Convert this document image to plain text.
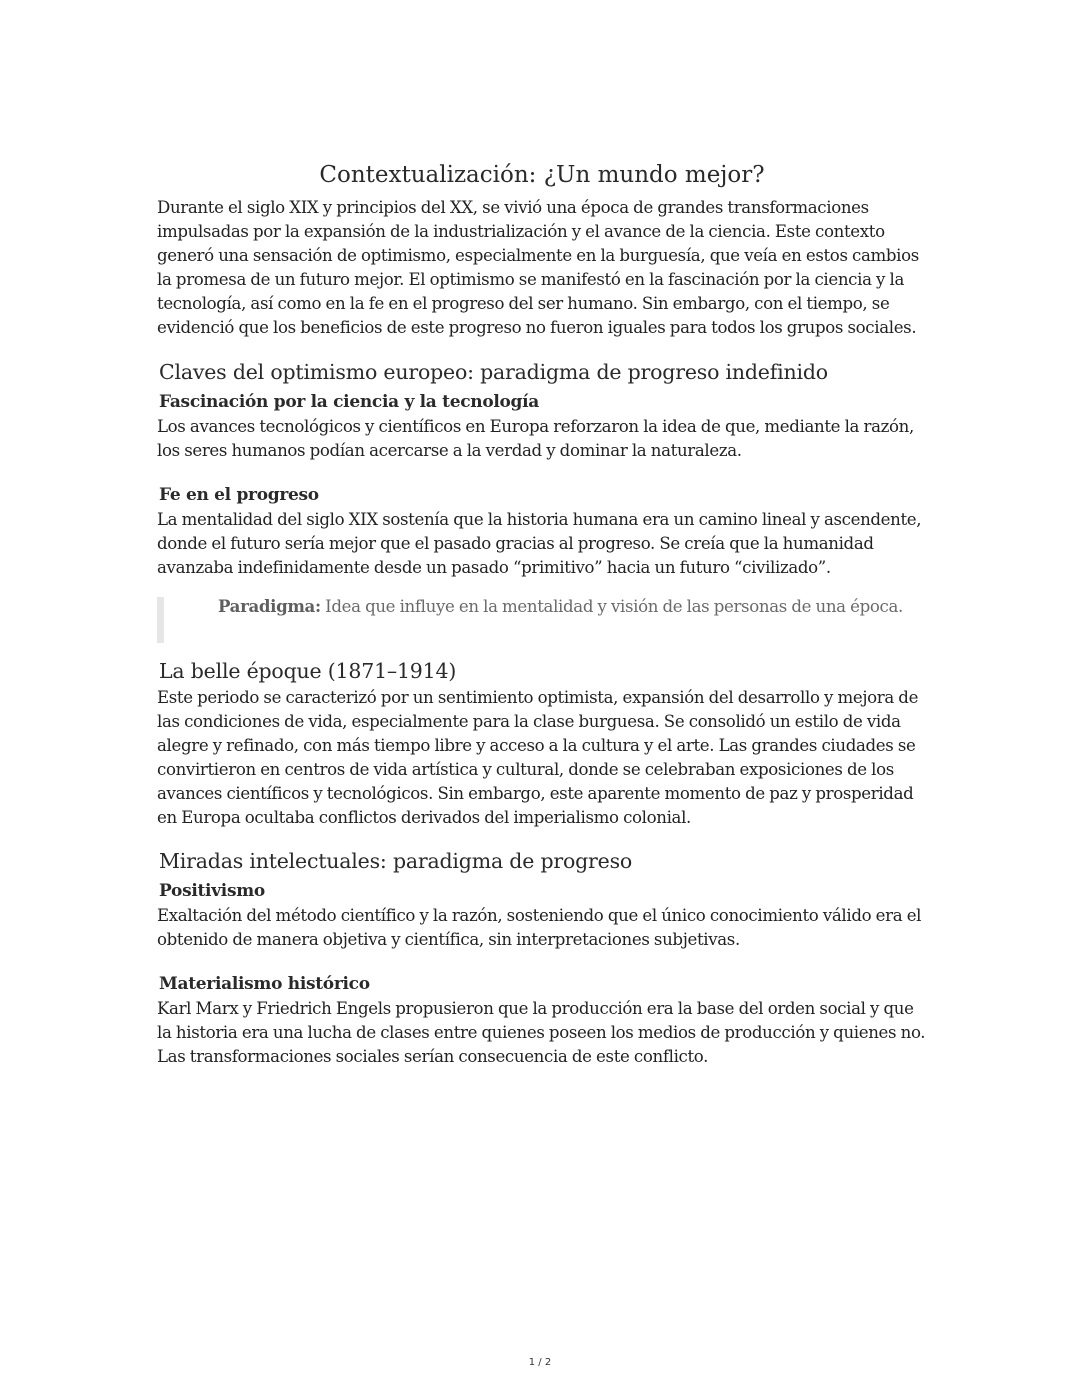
Contextualización: ¿Un mundo mejor?

Durante el siglo XIX y principios del XX, se vivió una época de grandes transformaciones impulsadas por la expansión de la industrialización y el avance de la ciencia. Este contexto generó una sensación de optimismo, especialmente en la burguesía, que veía en estos cambios la promesa de un futuro mejor. El optimismo se manifestó en la fascinación por la ciencia y la tecnología, así como en la fe en el progreso del ser humano. Sin embargo, con el tiempo, se evidenció que los beneficios de este progreso no fueron iguales para todos los grupos sociales.

Claves del optimismo europeo: paradigma de progreso indefinido
Fascinación por la ciencia y la tecnología

Los avances tecnológicos y científicos en Europa reforzaron la idea de que, mediante la razón, los seres humanos podían acercarse a la verdad y dominar la naturaleza.

Fe en el progreso

La mentalidad del siglo XIX sostenía que la historia humana era un camino lineal y ascendente, donde el futuro sería mejor que el pasado gracias al progreso. Se creía que la humanidad avanzaba indefinidamente desde un pasado “primitivo” hacia un futuro “civilizado”.

Paradigma: Idea que influye en la mentalidad y visión de las personas de una época.

La belle époque (1871–1914)

Este periodo se caracterizó por un sentimiento optimista, expansión del desarrollo y mejora de las condiciones de vida, especialmente para la clase burguesa. Se consolidó un estilo de vida alegre y refinado, con más tiempo libre y acceso a la cultura y el arte. Las grandes ciudades se convirtieron en centros de vida artística y cultural, donde se celebraban exposiciones de los avances científicos y tecnológicos. Sin embargo, este aparente momento de paz y prosperidad en Europa ocultaba conflictos derivados del imperialismo colonial.

Miradas intelectuales: paradigma de progreso
Positivismo

Exaltación del método científico y la razón, sosteniendo que el único conocimiento válido era el obtenido de manera objetiva y científica, sin interpretaciones subjetivas.

Materialismo histórico

Karl Marx y Friedrich Engels propusieron que la producción era la base del orden social y que la historia era una lucha de clases entre quienes poseen los medios de producción y quienes no. Las transformaciones sociales serían consecuencia de este conflicto.

1 / 2
